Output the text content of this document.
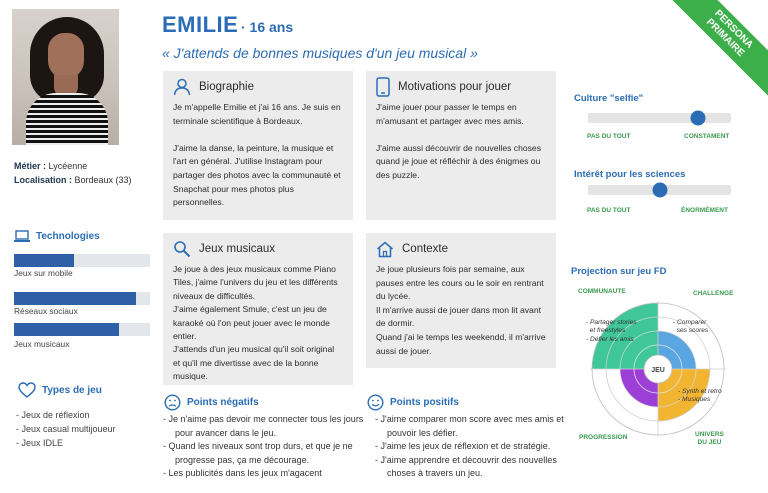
Métier : Lycéenne
Localisation : Bordeaux (33)
EMILIE · 16 ans
« J'attends de bonnes musiques d'un jeu musical »
PERSONA PRIMAIRE
Technologies
Jeux sur mobile
Réseaux sociaux
Jeux musicaux
Types de jeu
- Jeux de réflexion
- Jeux casual multijoueur
- Jeux IDLE
Biographie

Je m'appelle Emilie et j'ai 16 ans. Je suis en terminale scientifique à Bordeaux.

J'aime la danse, la peinture, la musique et l'art en général. J'utilise Instagram pour partager des photos avec la communauté et Snapchat pour mes photos plus personnelles.

Motivations pour jouer

J'aime jouer pour passer le temps en m'amusant et partager avec mes amis.

J'aime aussi découvrir de nouvelles choses quand je joue et réfléchir à des énigmes ou des puzzle.

Jeux musicaux

Je joue à des jeux musicaux comme Piano Tiles, j'aime l'univers du jeu et les différents niveaux de difficultés.
J'aime également Smule, c'est un jeu de karaoké où l'on peut jouer avec le monde entier.
J'attends d'un jeu musical qu'il soit original et qu'il me divertisse avec de la bonne musique.

Contexte

Je joue plusieurs fois par semaine, aux pauses entre les cours ou le soir en rentrant du lycée.
Il m'arrive aussi de jouer dans mon lit avant de dormir.
Quand j'ai le temps les weekendd, il m'arrive aussi de jouer.

Points négatifs
- Je n'aime pas devoir me connecter tous les jours pour avancer dans le jeu.
- Quand les niveaux sont trop durs, et que je ne progresse pas, ça me décourage.
- Les publicités dans les jeux m'agacent
Points positifs
- J'aime comparer mon score avec mes amis et pouvoir les défier.
- J'aime les jeux de réflexion et de stratégie.
- J'aime apprendre et découvrir des nouvelles choses à travers un jeu.
Culture "selfie"
PAS DU TOUT	CONSTAMENT
Intérêt pour les sciences
PAS DU TOUT	ÉNORMÉMENT
Projection sur jeu FD
JEU
COMMUNAUTE	CHALLENGE
PROGRESSION	UNIVERS
DU JEU
- Partager stories
et freestyles
- Défier les amis
- Comparer
ses scores
- Synth et retro
- Musiques
